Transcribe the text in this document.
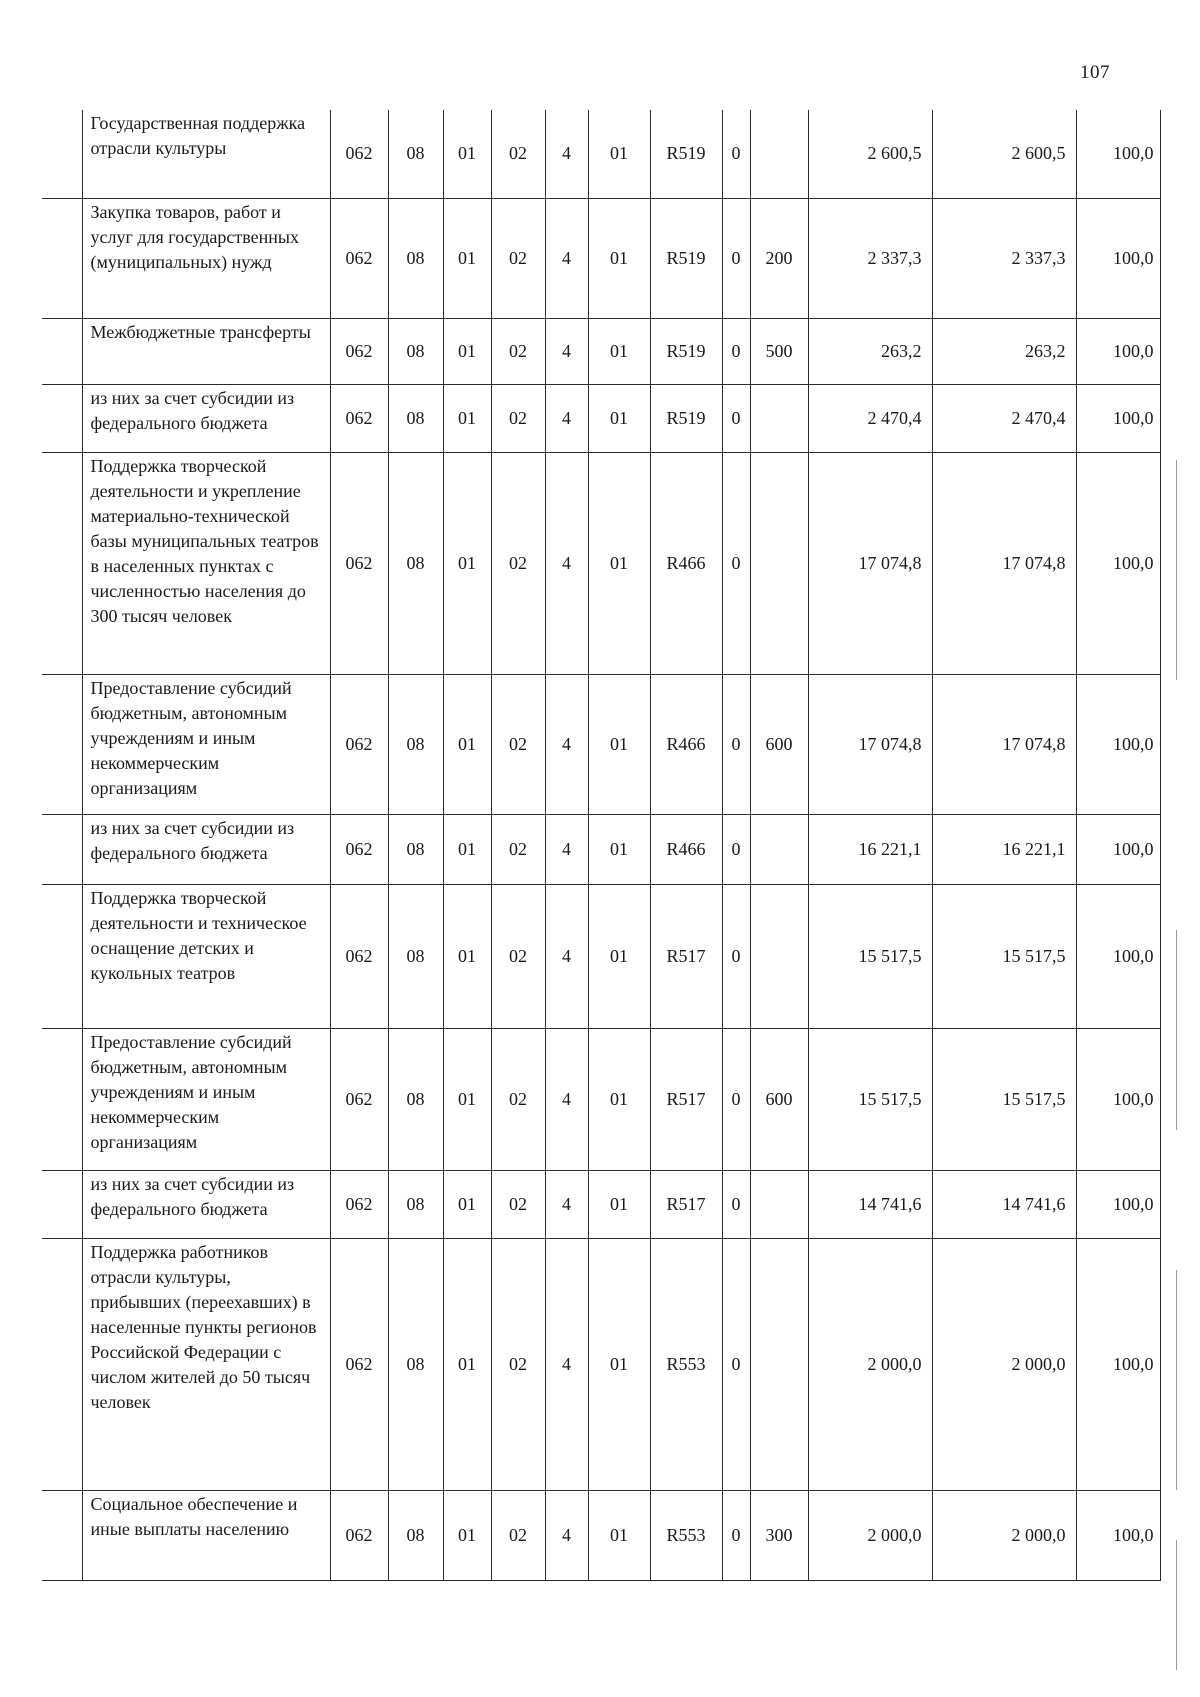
107
	Государственная поддержка отрасли культуры	062	08	01	02	4	01	R519	0		2 600,5	2 600,5	100,0
	Закупка товаров, работ и услуг для государственных (муниципальных) нужд	062	08	01	02	4	01	R519	0	200	2 337,3	2 337,3	100,0
	Межбюджетные трансферты	062	08	01	02	4	01	R519	0	500	263,2	263,2	100,0
	из них за счет субсидии из федерального бюджета	062	08	01	02	4	01	R519	0		2 470,4	2 470,4	100,0
	Поддержка творческой деятельности и укрепление материально-технической базы муниципальных театров в населенных пунктах с численностью населения до 300 тысяч человек	062	08	01	02	4	01	R466	0		17 074,8	17 074,8	100,0
	Предоставление субсидий бюджетным, автономным учреждениям и иным некоммерческим организациям	062	08	01	02	4	01	R466	0	600	17 074,8	17 074,8	100,0
	из них за счет субсидии из федерального бюджета	062	08	01	02	4	01	R466	0		16 221,1	16 221,1	100,0
	Поддержка творческой деятельности и техническое оснащение детских и кукольных театров	062	08	01	02	4	01	R517	0		15 517,5	15 517,5	100,0
	Предоставление субсидий бюджетным, автономным учреждениям и иным некоммерческим организациям	062	08	01	02	4	01	R517	0	600	15 517,5	15 517,5	100,0
	из них за счет субсидии из федерального бюджета	062	08	01	02	4	01	R517	0		14 741,6	14 741,6	100,0
	Поддержка работников отрасли культуры, прибывших (переехавших) в населенные пункты регионов Российской Федерации с числом жителей до 50 тысяч человек	062	08	01	02	4	01	R553	0		2 000,0	2 000,0	100,0
	Социальное обеспечение и иные выплаты населению	062	08	01	02	4	01	R553	0	300	2 000,0	2 000,0	100,0
